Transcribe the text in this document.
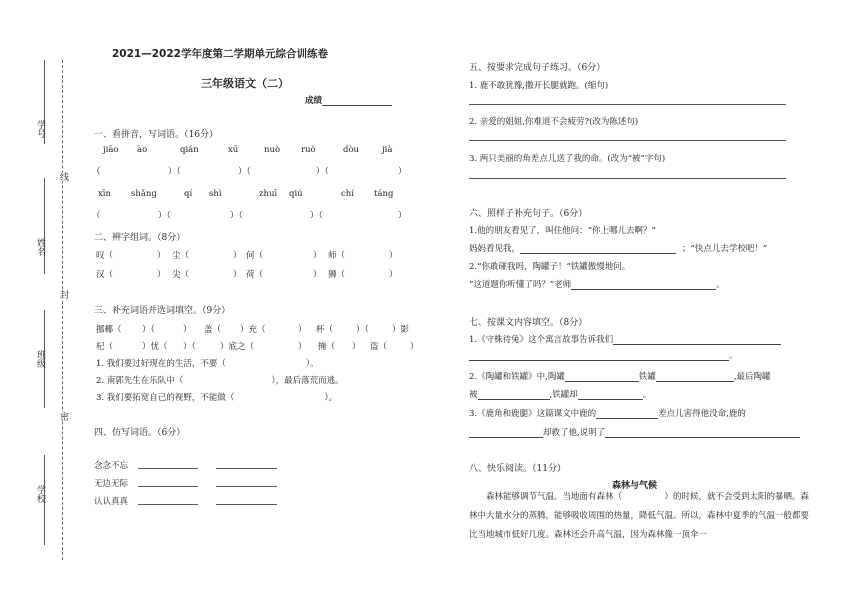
学号
姓名
班级
学校
线
封
密
2021—2022学年度第二学期单元综合训练卷
三年级语文（二）
成绩
一、看拼音，写词语。（16分）
jiāo ào	qián	xū	nuò ruò	dòu	jià
（	）（	）（	）（	）
xīn shǎng	qí shì	zhuī qiú	chí táng
（	）（	）（	）（	）
二、辨字组词。（8分）
叹（	） 尘（	） 何（	） 师（	）
汉（	） 尖（	） 荷（	） 狮（	）
三、补充词语并选词填空。（9分）
挪椰（ ）（	） 盖（ ）充（	） 杯（	）（	）影
杞（	）忧（ ）（	）底之（	） 掩（ ） 盗（	）
1. 我们要过好现在的生活，不要（	）。
2. 南郭先生在乐队中（	），最后落荒而逃。
3. 我们要拓宽自己的视野，不能做（	）。
四、仿写词语。（6分）
念念不忘
无边无际
认认真真
五、按要求完成句子练习。（6分）
1. 鹿不敢犹豫,撒开长腿就跑。(缩句)
2. 亲爱的姐姐,你难道不会疲劳?(改为陈述句)
3. 两只美丽的角差点儿送了我的命。(改为“被”字句)
六、照样子补充句子。（6分）
1.他的朋友看见了，叫住他问：“你上哪儿去啊？”
妈妈看见我，	；“快点儿去学校吧！”
2.“你敢碰我吗，陶罐子！”铁罐傲慢地问。
“这道题你听懂了吗？”老师	。
七、按课文内容填空。（8分）
1.《守株待兔》这个寓言故事告诉我们
。
2.《陶罐和铁罐》中,陶罐	铁罐	,最后陶罐
被	,铁罐却	。
3.《鹿角和鹿腿》这篇课文中鹿的	差点儿害得他没命,鹿的
却救了他,说明了
八、快乐阅读。（11分）
森林与气候
森林能够调节气温。当地面有森林（　　　　　）的时候，就不会受到太阳的暴晒。森林中大量水分的蒸腾，能够吸收周围的热量，降低气温。所以，森林中夏季的气温一般都要比当地城市低好几度。森林还会升高气温，因为森林像一顶伞一
